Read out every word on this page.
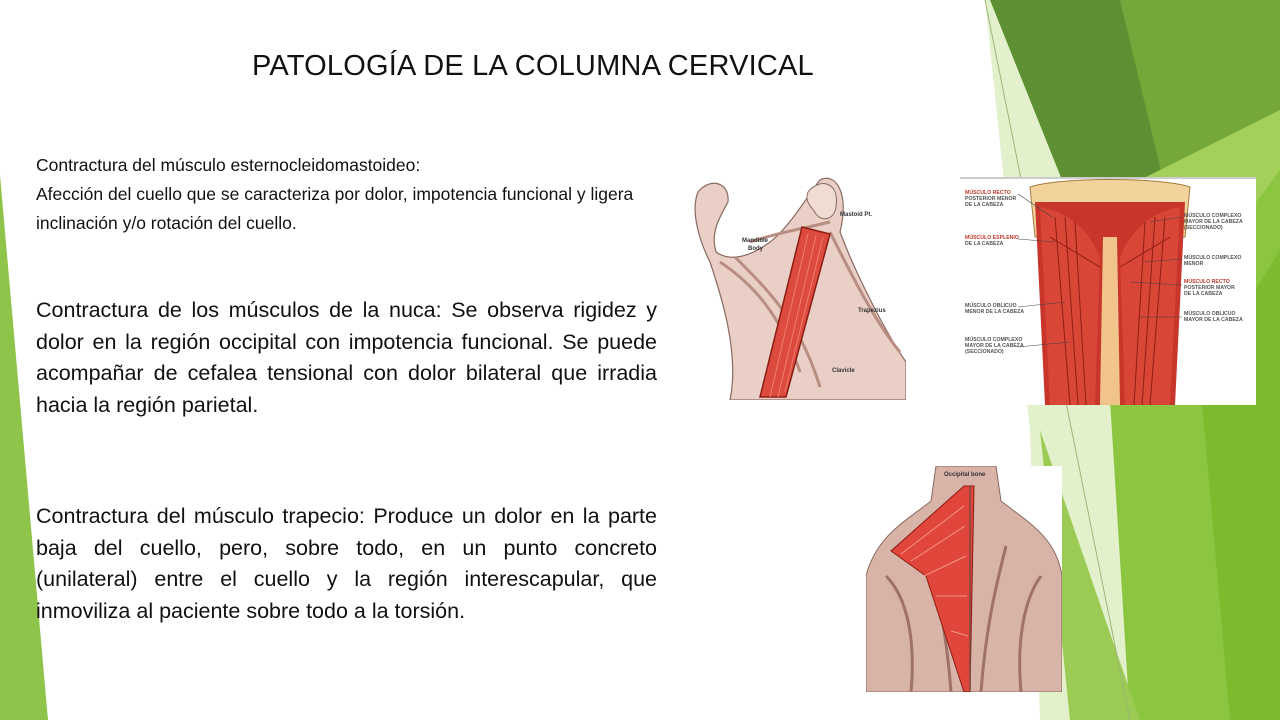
PATOLOGÍA DE LA COLUMNA CERVICAL
Contractura del músculo esternocleidomastoideo:
Afección del cuello que se caracteriza por dolor, impotencia funcional y ligera inclinación y/o rotación del cuello.
Contractura de los músculos de la nuca: Se observa rigidez y dolor en la región occipital con impotencia funcional. Se puede acompañar de cefalea tensional con dolor bilateral que irradia hacia la región parietal.
Contractura del músculo trapecio: Produce un dolor en la parte baja del cuello, pero, sobre todo, en un punto concreto (unilateral) entre el cuello y la región interescapular, que inmoviliza al paciente sobre todo a la torsión.
Mandible
Body
Mastoid Pt.
Trapezius
Clavicle
MÚSCULO RECTO
POSTERIOR MENOR
DE LA CABEZA
MÚSCULO ESPLENIO
DE LA CABEZA
MÚSCULO OBLICUO
MENOR DE LA CABEZA
MÚSCULO COMPLEXO
MAYOR DE LA CABEZA
(SECCIONADO)
MÚSCULO COMPLEXO
MAYOR DE LA CABEZA
(SECCIONADO)
MÚSCULO COMPLEXO
MENOR
MÚSCULO RECTO
POSTERIOR MAYOR
DE LA CABEZA
MÚSCULO OBLICUO
MAYOR DE LA CABEZA
Occipital bone
